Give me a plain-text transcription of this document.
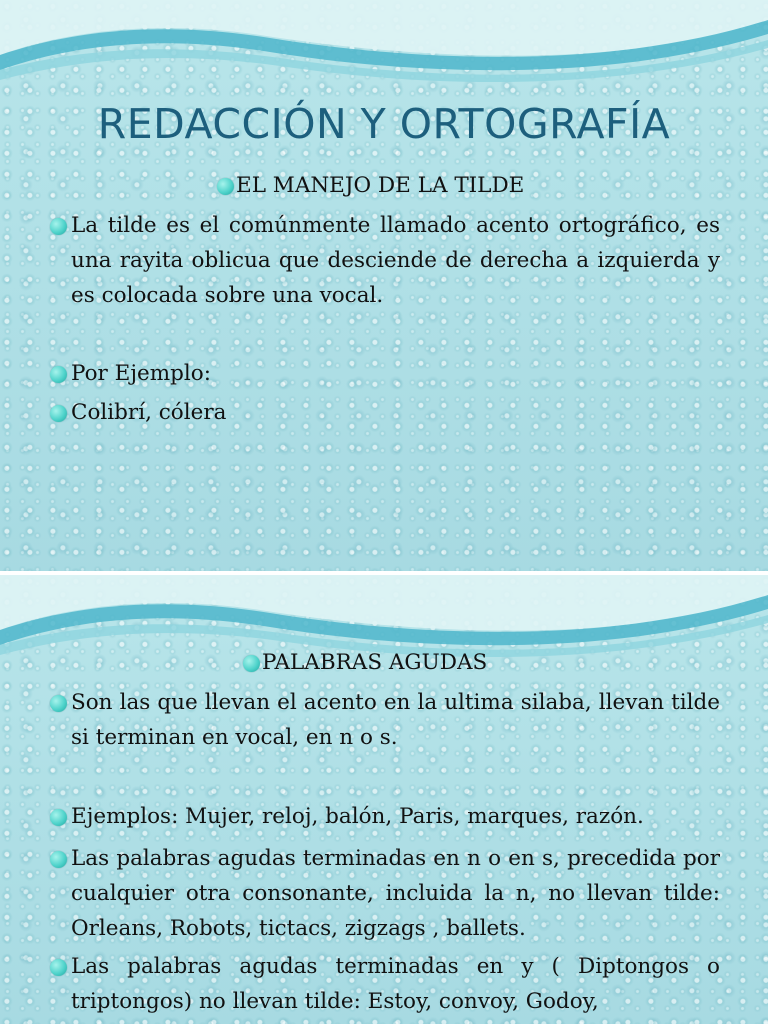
REDACCIÓN Y ORTOGRAFÍA
EL MANEJO DE LA TILDE
La tilde es el comúnmente llamado acento ortográfico, es una rayita oblicua que desciende de derecha a izquierda y es colocada sobre una vocal.
Por Ejemplo:
Colibrí, cólera
PALABRAS AGUDAS
Son las que llevan el acento en la ultima silaba, llevan tilde si terminan en vocal, en n o s.
Ejemplos: Mujer, reloj, balón, Paris, marques, razón.
Las palabras agudas terminadas en n o en s, precedida por cualquier otra consonante, incluida la n, no llevan tilde: Orleans, Robots, tictacs, zigzags , ballets.
Las palabras agudas terminadas en y ( Diptongos o triptongos) no llevan tilde: Estoy, convoy, Godoy,
